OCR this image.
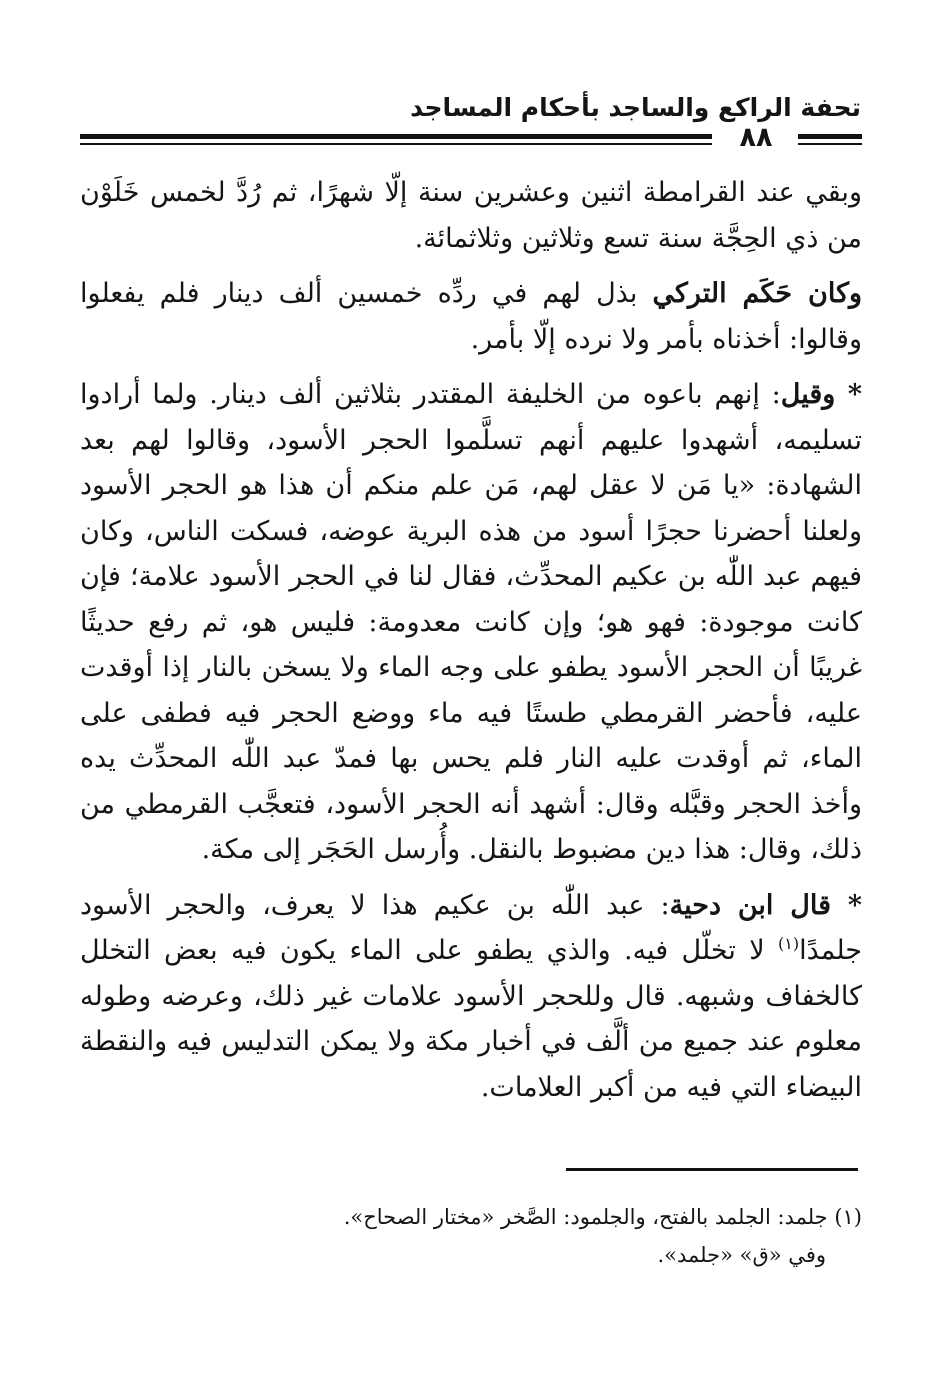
تحفة الراكع والساجد بأحكام المساجد
٨٨

وبقي عند القرامطة اثنين وعشرين سنة إلّا شهرًا، ثم رُدَّ لخمس خَلَوْن من ذي الحِجَّة سنة تسع وثلاثين وثلاثمائة.

وكان حَكَم التركي بذل لهم في ردِّه خمسين ألف دينار فلم يفعلوا وقالوا: أخذناه بأمر ولا نرده إلّا بأمر.

* وقيل: إنهم باعوه من الخليفة المقتدر بثلاثين ألف دينار. ولما أرادوا تسليمه، أشهدوا عليهم أنهم تسلَّموا الحجر الأسود، وقالوا لهم بعد الشهادة: «يا مَن لا عقل لهم، مَن علم منكم أن هذا هو الحجر الأسود ولعلنا أحضرنا حجرًا أسود من هذه البرية عوضه، فسكت الناس، وكان فيهم عبد اللّٰه بن عكيم المحدِّث، فقال لنا في الحجر الأسود علامة؛ فإن كانت موجودة: فهو هو؛ وإن كانت معدومة: فليس هو، ثم رفع حديثًا غريبًا أن الحجر الأسود يطفو على وجه الماء ولا يسخن بالنار إذا أوقدت عليه، فأحضر القرمطي طستًا فيه ماء ووضع الحجر فيه فطفى على الماء، ثم أوقدت عليه النار فلم يحس بها فمدّ عبد اللّٰه المحدِّث يده وأخذ الحجر وقبَّله وقال: أشهد أنه الحجر الأسود، فتعجَّب القرمطي من ذلك، وقال: هذا دين مضبوط بالنقل. وأُرسل الحَجَر إلى مكة.

* قال ابن دحية: عبد اللّٰه بن عكيم هذا لا يعرف، والحجر الأسود جلمدًا$^{(١)}$ لا تخلّل فيه. والذي يطفو على الماء يكون فيه بعض التخلل كالخفاف وشبهه. قال وللحجر الأسود علامات غير ذلك، وعرضه وطوله معلوم عند جميع من ألَّف في أخبار مكة ولا يمكن التدليس فيه والنقطة البيضاء التي فيه من أكبر العلامات.

(١) جلمد: الجلمد بالفتح، والجلمود: الصَّخر «مختار الصحاح».

وفي «ق» «جلمد».
